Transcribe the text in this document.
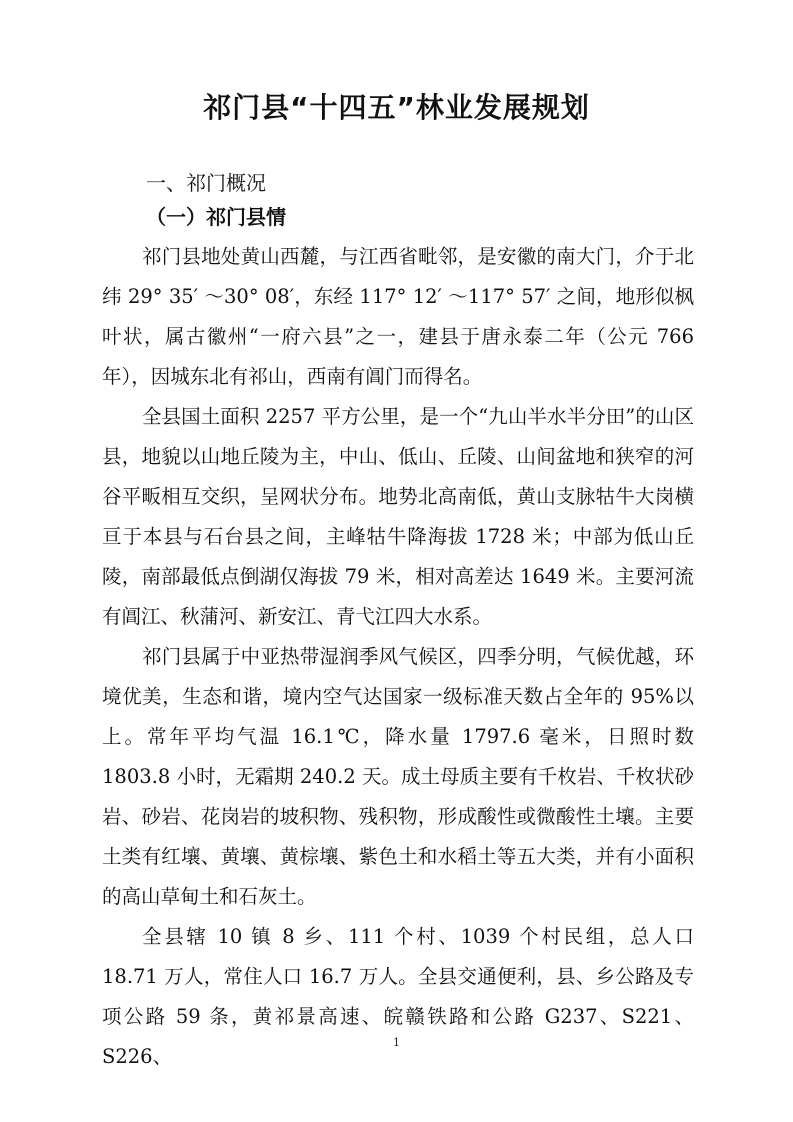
祁门县“十四五”林业发展规划
一、祁门概况
（一）祁门县情

祁门县地处黄山西麓，与江西省毗邻，是安徽的南大门，介于北纬 29° 35′ ～30° 08′，东经 117° 12′ ～117° 57′ 之间，地形似枫叶状，属古徽州“一府六县”之一，建县于唐永泰二年（公元 766 年），因城东北有祁山，西南有阊门而得名。

全县国土面积 2257 平方公里，是一个“九山半水半分田”的山区县，地貌以山地丘陵为主，中山、低山、丘陵、山间盆地和狭窄的河谷平畈相互交织，呈网状分布。地势北高南低，黄山支脉牯牛大岗横亘于本县与石台县之间，主峰牯牛降海拔 1728 米；中部为低山丘陵，南部最低点倒湖仅海拔 79 米，相对高差达 1649 米。主要河流有阊江、秋蒲河、新安江、青弋江四大水系。

祁门县属于中亚热带湿润季风气候区，四季分明，气候优越，环境优美，生态和谐，境内空气达国家一级标准天数占全年的 95%以上。常年平均气温 16.1℃，降水量 1797.6 毫米，日照时数 1803.8 小时，无霜期 240.2 天。成土母质主要有千枚岩、千枚状砂岩、砂岩、花岗岩的坡积物、残积物，形成酸性或微酸性土壤。主要土类有红壤、黄壤、黄棕壤、紫色土和水稻土等五大类，并有小面积的高山草甸土和石灰土。

全县辖 10 镇 8 乡、111 个村、1039 个村民组，总人口 18.71 万人，常住人口 16.7 万人。全县交通便利，县、乡公路及专项公路 59 条，黄祁景高速、皖赣铁路和公路 G237、S221、S226、

1
